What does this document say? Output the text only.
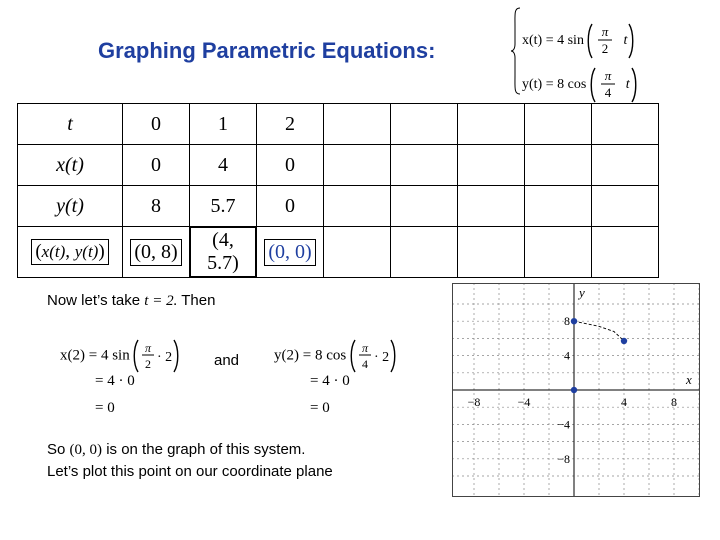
Graphing Parametric Equations:	x(t) = 4 sin
π
2
t
y(t) = 8 cos
π
4
t
t	0	1	2					
x(t)	0	4	0					
y(t)	8	5.7	0					
(x(t), y(t))	(0, 8)	(4, 5.7)	(0, 0)					
Now let’s take t = 2. Then
x(2) = 4 sin π
2 · 2
= 4 · 0
= 0
and y(2) = 8 cos π
4 · 2
= 4 · 0
= 0
So (0, 0) is on the graph of this system.
Let’s plot this point on our coordinate plane
−8	−4	4	8
8
4
−4
−8
x
y
